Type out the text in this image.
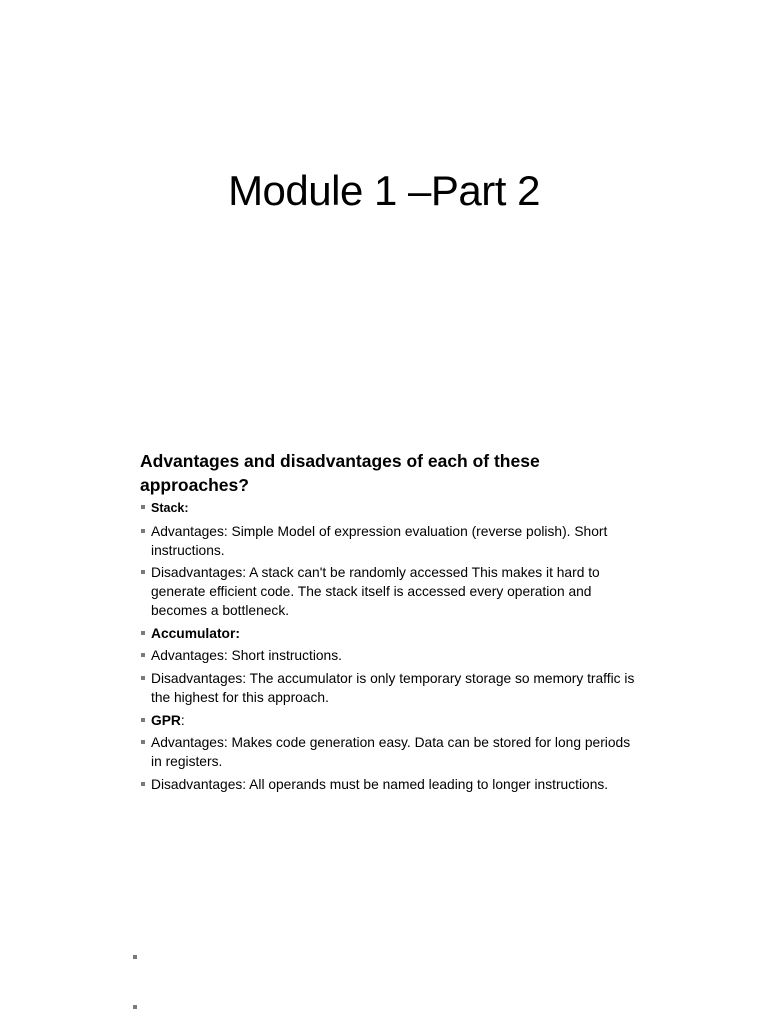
Module 1 –Part 2
Advantages and disadvantages of each of these
approaches?
Stack:
Advantages: Simple Model of expression evaluation (reverse polish). Short instructions.
Disadvantages: A stack can't be randomly accessed This makes it hard to generate efficient code. The stack itself is accessed every operation and becomes a bottleneck.
Accumulator:
Advantages: Short instructions.
Disadvantages: The accumulator is only temporary storage so memory traffic is the highest for this approach.
GPR:
Advantages: Makes code generation easy. Data can be stored for long periods in registers.
Disadvantages: All operands must be named leading to longer instructions.
